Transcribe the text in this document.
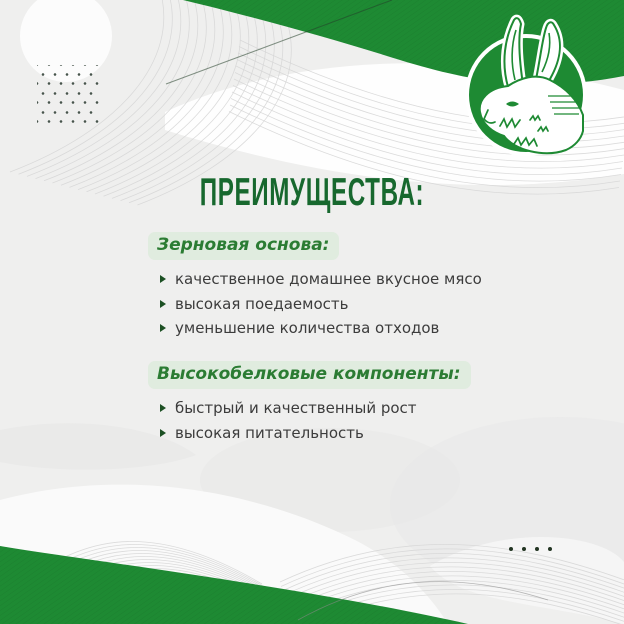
ПРЕИМУЩЕСТВА:
Зерновая основа:
качественное домашнее вкусное мясо
высокая поедаемость
уменьшение количества отходов
Высокобелковые компоненты:
быстрый и качественный рост
высокая питательность
